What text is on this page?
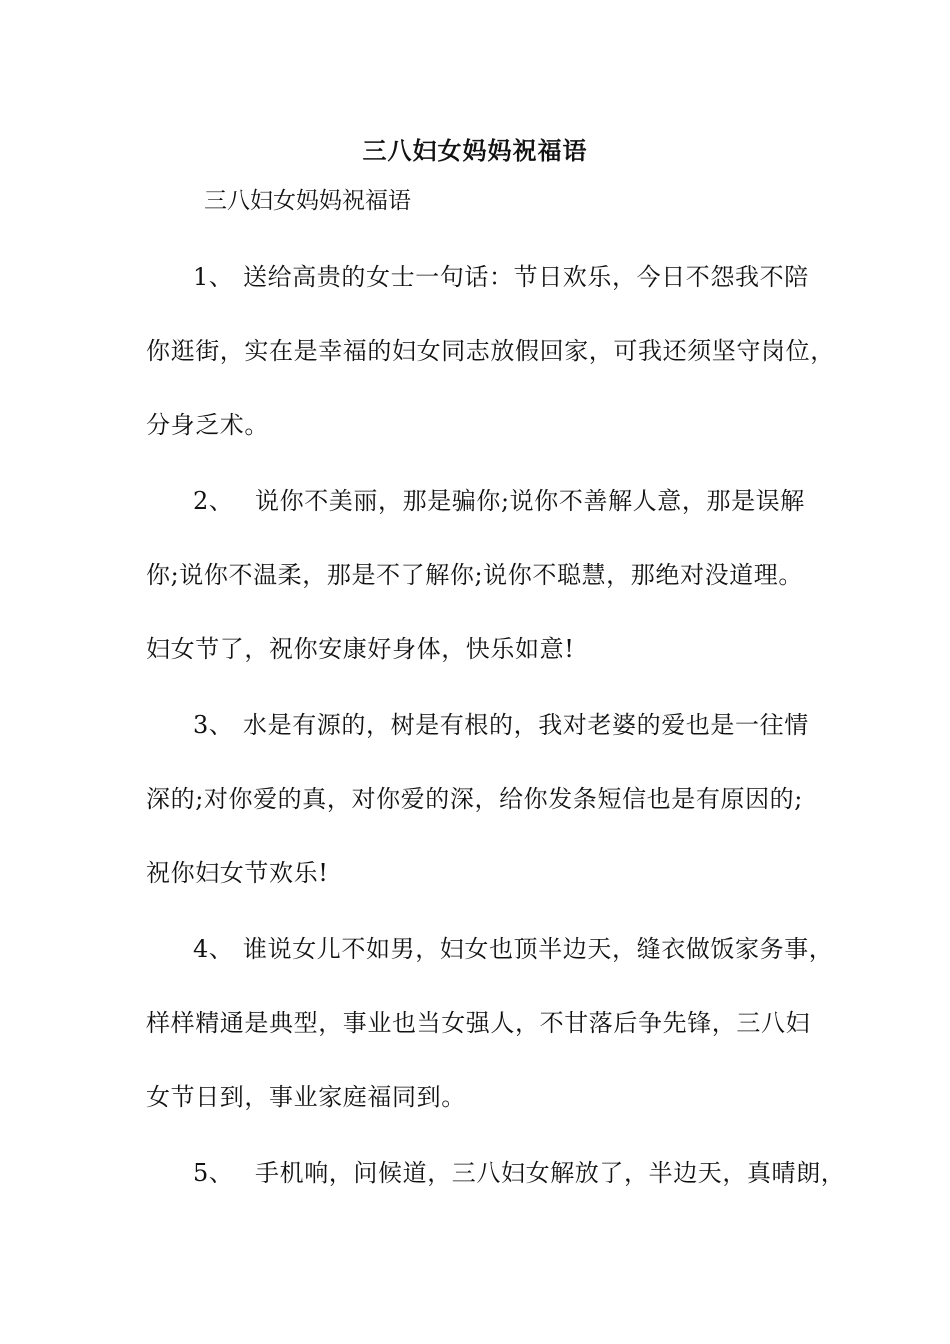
三八妇女妈妈祝福语
三八妇女妈妈祝福语
1、 送给高贵的女士一句话：节日欢乐，今日不怨我不陪
你逛街，实在是幸福的妇女同志放假回家，可我还须坚守岗位，
分身乏术。
2、 说你不美丽，那是骗你;说你不善解人意，那是误解
你;说你不温柔，那是不了解你;说你不聪慧，那绝对没道理。
妇女节了，祝你安康好身体，快乐如意!
3、 水是有源的，树是有根的，我对老婆的爱也是一往情
深的;对你爱的真，对你爱的深，给你发条短信也是有原因的;
祝你妇女节欢乐!
4、 谁说女儿不如男，妇女也顶半边天，缝衣做饭家务事，
样样精通是典型，事业也当女强人，不甘落后争先锋，三八妇
女节日到，事业家庭福同到。
5、 手机响，问候道，三八妇女解放了，半边天，真晴朗，
